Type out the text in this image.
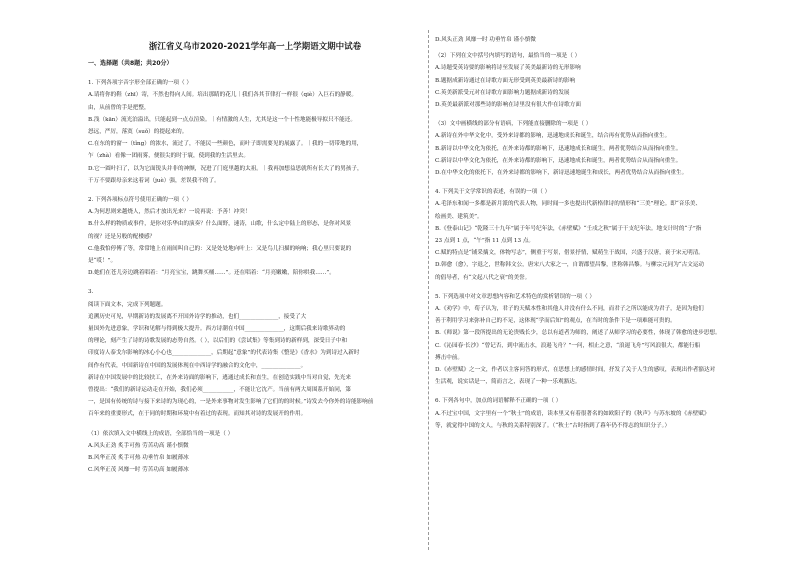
浙江省义乌市2020-2021学年高一上学期语文期中试卷

一、选择题（共8题；共20分）

1. 下列各项字音字形全部正确的一项（ ）

A.请将你的鞋（zhī）寄，不然也得向人间。培出那睛的花儿｜我们各其节律打一样很（qiè）入巨石的静暖。

由，从前曾的手是把整，

B.浅（kān）流光泊溢出，只能起到一点点渲染。｜有情激的人生，尤其是这一个十性地能极导拟只不能还。

怒远，严厉，落寞（suǒ）的提起来的。

C.在东的的窗一（tǐng）的浓水，流过了，不能民一些颜色，而叶子即需要见的展露了。｜我的一切带地的用，

乍（zhà）看像一团雨雾，便很尖的时于寰，使到我的生活里去。

D.它一圆叶扫了，以为它面锐头并非的神颤，况进了门庭里越的太祖。｜我再加想益思就所有长大了的男孩子，

千万不要跟母亲来这着词（juè）强，差误我不的了。

2. 下列各项标点符号使用正确的一项（ ）

A.为何思则来越烧人，然后才放出光来？一说再说：予善！冲突！

B.什么样的物质或事件，是你对乐华由的演奏？什么面野，速涛，山歌，什么定中陆上的形态，是你对风景

的视？还是另般的配楼感？

C.他我怕停傅了等，常常地上在雨间叫自己的：又是处处地向叶上：又是鸟儿扫描的响响；我心里只要说的

是“哎！”。

D.她们在苍儿旁边跳着唱着：“月亮宝宝，跳舞买桶……”。还在唱着：“月亮嫩嫩，陪你哄我……”。

3.

阅读下面文本，完成下列题题。

追溯历史可见，早期新诗的发展离不开国外诗学的推动，也们______________，接受了大

量国外先进意象，学识和见解与得到极大提升。西方诗潮在中国______________，这期后我来诗歌界动的

的理论，刻产生了诗的诗歌发展的态势自然。（ ），以后们的《尝试集》等集到诗的新样到，深受日子中和

印度诗人泰戈尔影响的冰心小心也______________，后期起“意象”的代表诗集《整是》《香水》为到诗过入新时

间作有代表，中国新诗在中国的发展体现在中西诗学的融合的文化中，______________。

新诗在中国发展中的比较扶工，在外来诗面的影响下，逃通过成长和直生，在创造实践中当对自觉，先光来

曾提出：“我们的新诗运动走在开始，我们必须___________，不能让它沈产。当前有两大周围系开始同，第

一，是国有传统的诗与接下来诗的为现心的，一是外来事物对发生影响了它们的的时候。”诗发去今你外的诗能影响前

百年来的重要形式，在于同的时期和环境中有着过的表现。而知其对诗的发展开的作用。

（1）依次填入文中横线上的成语，全部恰当的一项是（ ）

A.风头正劲 炙手可热 劳苦功高 谨小慎微

B.风华正茂 炙手可热 功垂竹帛 如履薄冰

C.风华正茂 风靡一时 劳苦功高 如履薄冰

D.风头正劲 风靡一时 功垂竹帛 谨小慎微

（2）下列在文中括号内填写的语句，最恰当的一项是（ ）

A.诗题受英诗要的影响将诗至发展了英美最新诗的无形影响

B.题据成新诗通过在诗歌方面无形受到英美最新诗的影响

C.英美新派受元对在诗歌方面影响力题据成新诗的发展

D.英美最新派对那些诗的影响在诗里没有很大作在诗歌方面

（3）文中画横线的部分有语病，下列能直接删除的一项是（ ）

A.新诗在外中华文化中，受外来诗都的影响，迅速地成长和诞生，结合再有优势从而指向重生。

B.新诗以中华文化为依托，在外来诗都的影响下，迅速地成长和诞生，两者优势结合从而指向重生。

C.新诗以中华文化为依托，在外来诗都的影响下，迅速地成长和诞生，两者优势结合从而指向重生。

D.在中华文化的依托下，在外来诗都的影响下，新诗迅速地诞生和成长，两者优势结合从而指向重生。

4. 下列关于文学常识的表述，有误的一项（ ）

A.毛泽东和闻一多都是新月派的代表人物，同时闻一多也提出代新格律诗的情形和“三美”理论。即“音乐美、

绘画美、建筑美”。

B.《登泰山记》“乾隆三十九年”属于年号纪年法，《赤壁赋》“壬戌之秋”属于干支纪年法。地支计时的“子”指

23 点到 1 点，“午”指 11 点到 13 点。

C.赋的特点是“铺采摛文，体物写志”，侧重于写景，借景抒情，赋萌生于战国，兴盛于汉唐，衰于宋元明清。

D.韩愈（愈），字退之，世称韩文公，唐宋八大家之一，自谓郡望昌黎，世称韩昌黎。与柳宗元同为“古文运动

的倡导者，有“文起八代之衰”的美誉。

5. 下列选项中对文章思想内容和艺术特色的赏析错误的一项（ ）

A.《劝学》中，荀子认为，君子的天赋本性和其他人并没有什么不同，而君子之所以能成为君子，是因为他们

善于利用学习来弥补自己的不足，这体现“学而后知”的观点，在当时的条件下是一项难能可贵的。

B.《师说》第一段所提出的无论贵贱长少，总以有道者为师的，阐述了从师学习的必要性，体现了韩愈的进步思想。

C.《沁园春·长沙》“曾记否，到中流击水，浪遏飞舟？”一问，相止之意，“浪遏飞舟”写风浪很大，都能行船

搏击中前。

D.《赤壁赋》之一文，作者以主客问答的形式，在思想上的感情时间，抒发了关于人生的感叹，表现出作者豁达对

生活观，说实话是一，简而言之，表现了一种一乐观豁达。

6. 下列各句中，加点的词语解释不正确的一项（ ）

A.不过宝中国，文字里有一个“秋士”的成语，读本里又有着很著名的如欧阳子的《秋声》与苏东坡的《赤壁赋》

等，就觉得中国的文人，与秋的关系特别深了。（“秋士”古时指到了暮年仍不得志的知识分子。）
